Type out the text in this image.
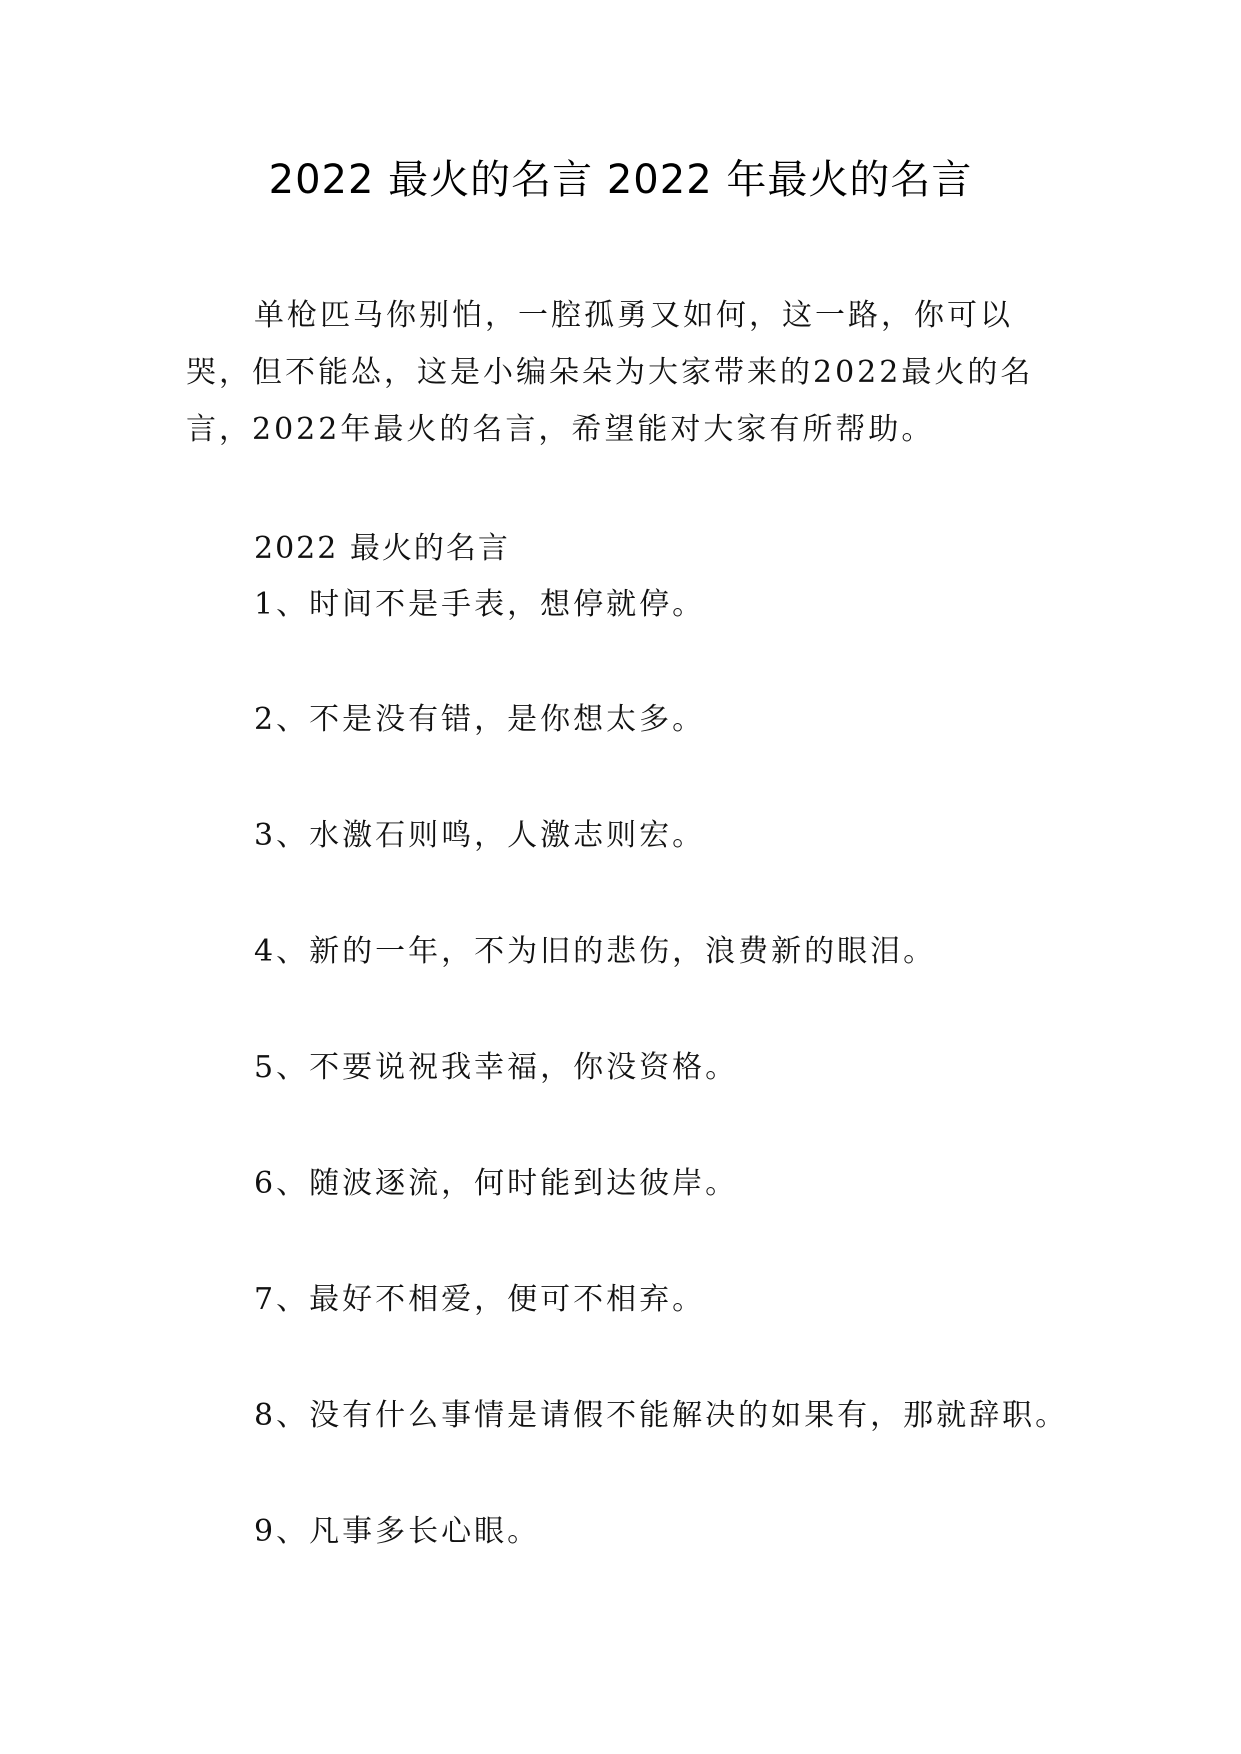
2022 最火的名言 2022 年最火的名言

单枪匹马你别怕，一腔孤勇又如何，这一路，你可以哭，但不能怂，这是小编朵朵为大家带来的2022最火的名言，2022年最火的名言，希望能对大家有所帮助。

2022 最火的名言
1、时间不是手表，想停就停。
2、不是没有错，是你想太多。
3、水激石则鸣，人激志则宏。
4、新的一年，不为旧的悲伤，浪费新的眼泪。
5、不要说祝我幸福，你没资格。
6、随波逐流，何时能到达彼岸。
7、最好不相爱，便可不相弃。
8、没有什么事情是请假不能解决的如果有，那就辞职。
9、凡事多长心眼。
